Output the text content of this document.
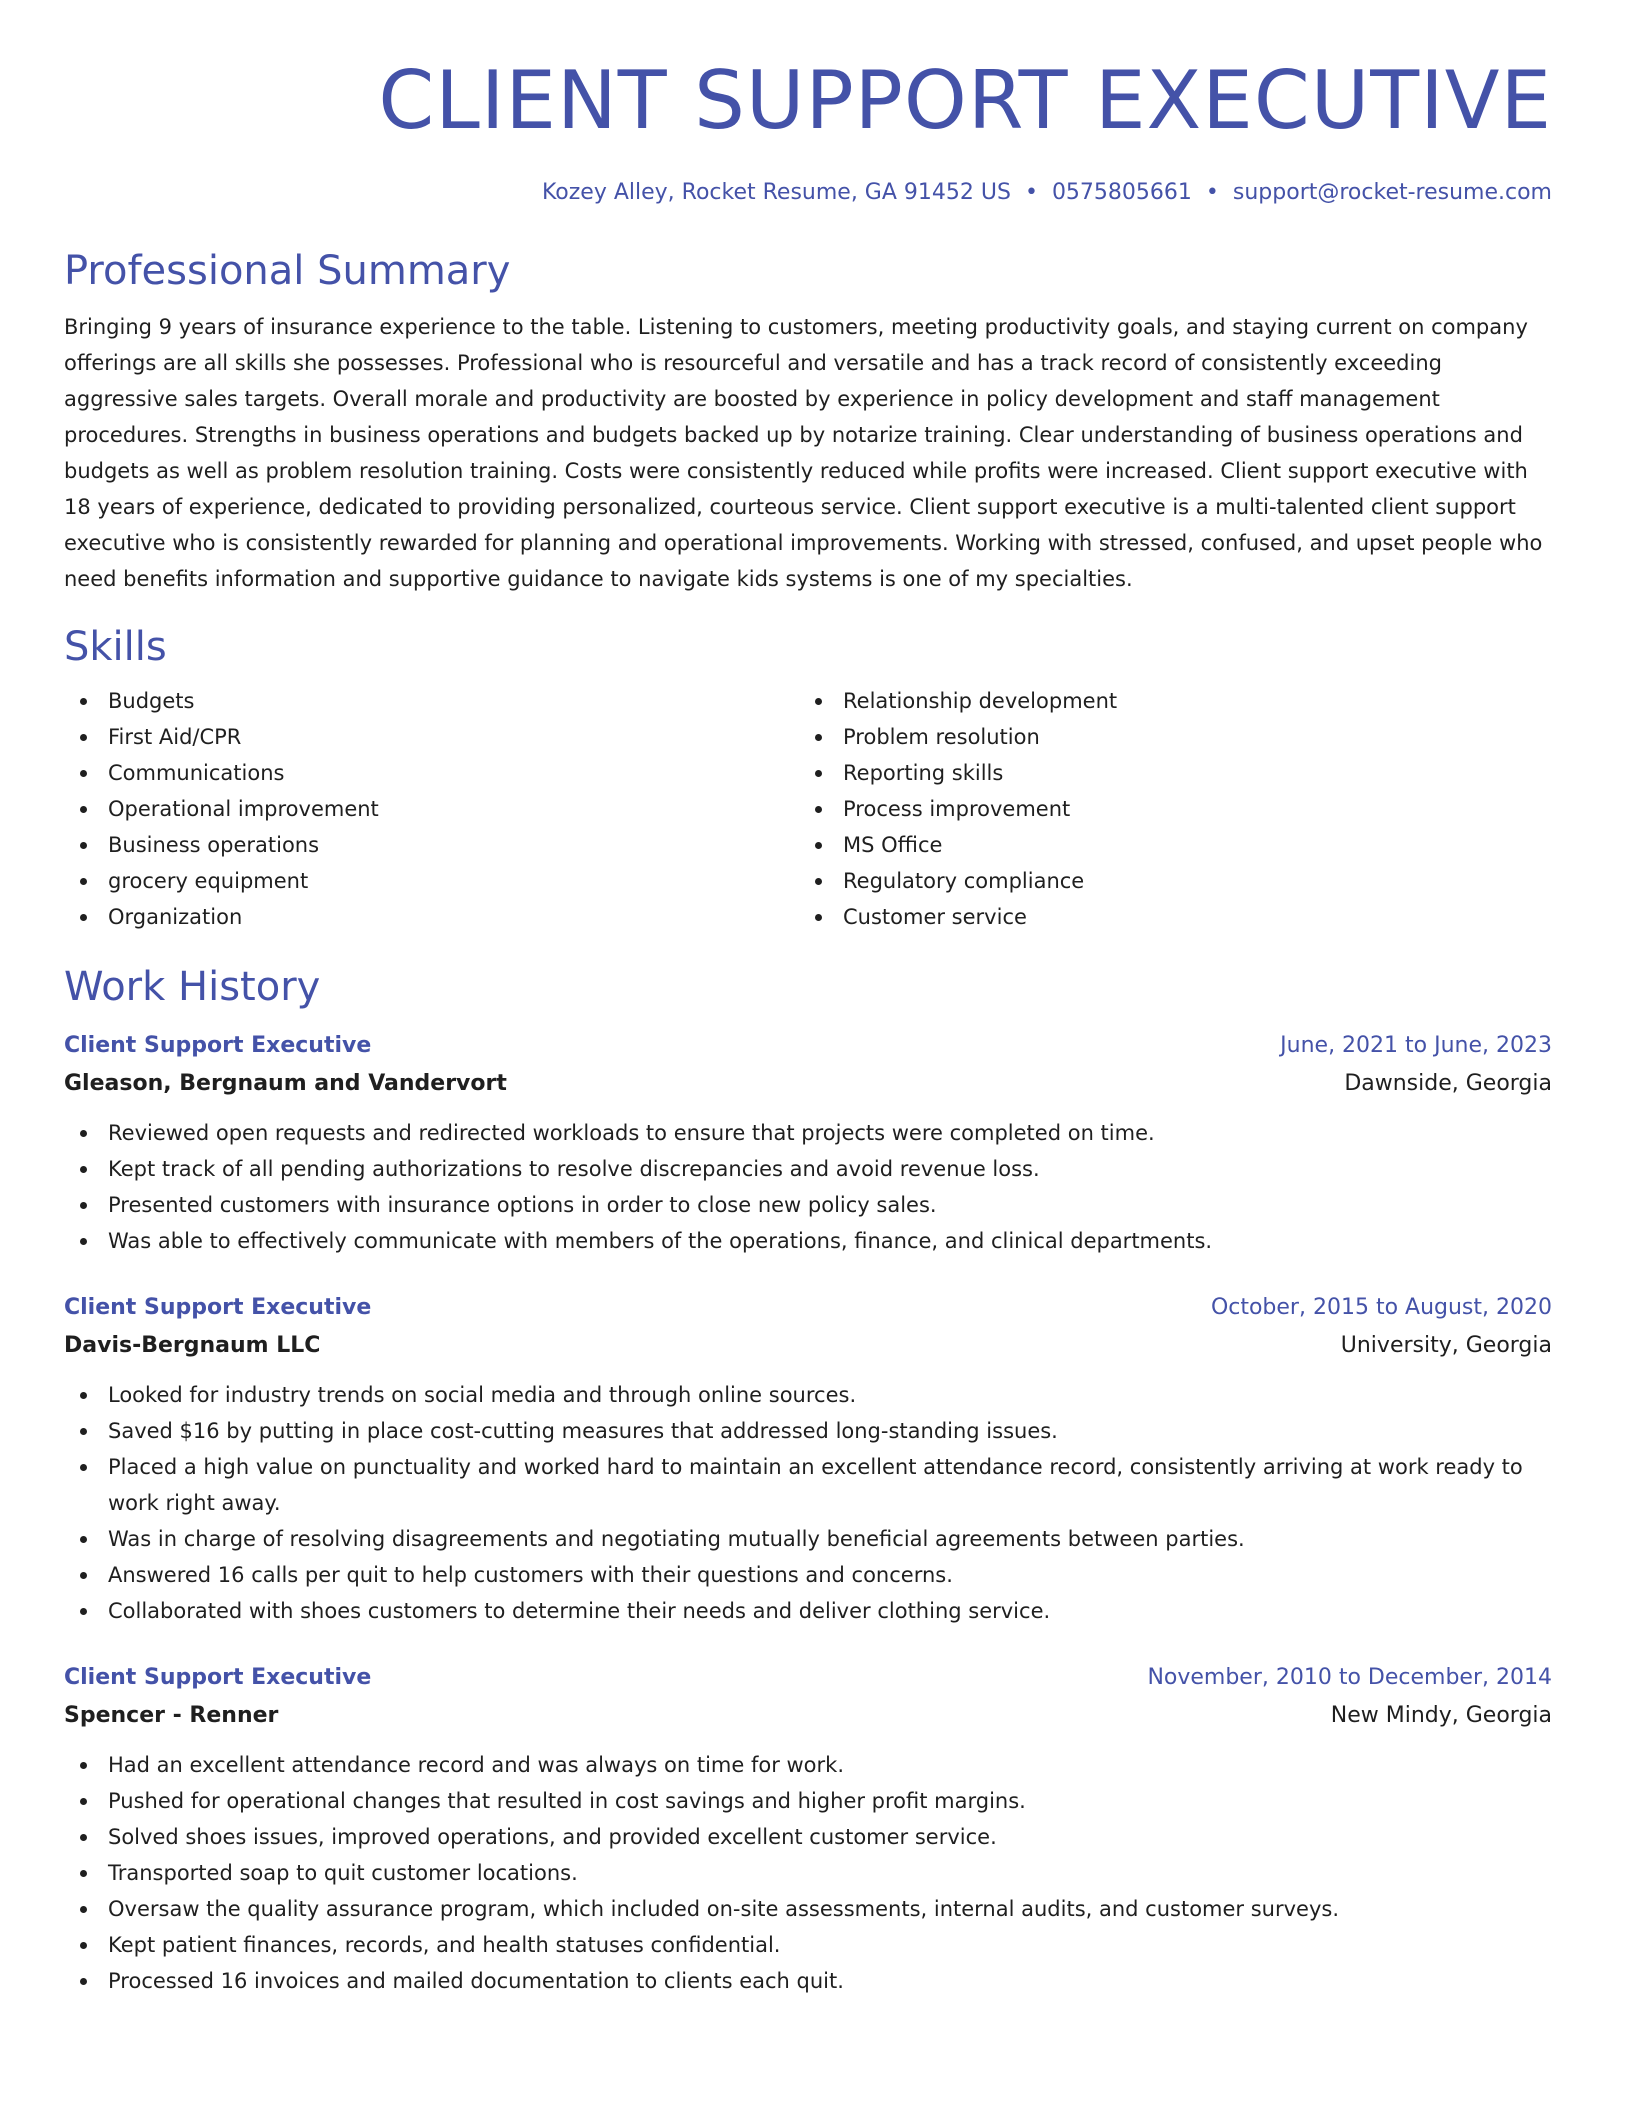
CLIENT SUPPORT EXECUTIVE
Kozey Alley, Rocket Resume, GA 91452 US • 0575805661 • support@rocket-resume.com
Professional Summary
Bringing 9 years of insurance experience to the table. Listening to customers, meeting productivity goals, and staying current on company offerings are all skills she possesses. Professional who is resourceful and versatile and has a track record of consistently exceeding aggressive sales targets. Overall morale and productivity are boosted by experience in policy development and staff management procedures. Strengths in business operations and budgets backed up by notarize training. Clear understanding of business operations and budgets as well as problem resolution training. Costs were consistently reduced while profits were increased. Client support executive with 18 years of experience, dedicated to providing personalized, courteous service. Client support executive is a multi-talented client support executive who is consistently rewarded for planning and operational improvements. Working with stressed, confused, and upset people who need benefits information and supportive guidance to navigate kids systems is one of my specialties.
Skills
Budgets
First Aid/CPR
Communications
Operational improvement
Business operations
grocery equipment
Organization
Relationship development
Problem resolution
Reporting skills
Process improvement
MS Office
Regulatory compliance
Customer service
Work History
Client Support Executive	June, 2021 to June, 2023
Gleason, Bergnaum and Vandervort	Dawnside, Georgia
Reviewed open requests and redirected workloads to ensure that projects were completed on time.
Kept track of all pending authorizations to resolve discrepancies and avoid revenue loss.
Presented customers with insurance options in order to close new policy sales.
Was able to effectively communicate with members of the operations, finance, and clinical departments.
Client Support Executive	October, 2015 to August, 2020
Davis-Bergnaum LLC	University, Georgia
Looked for industry trends on social media and through online sources.
Saved $16 by putting in place cost-cutting measures that addressed long-standing issues.
Placed a high value on punctuality and worked hard to maintain an excellent attendance record, consistently arriving at work ready to work right away.
Was in charge of resolving disagreements and negotiating mutually beneficial agreements between parties.
Answered 16 calls per quit to help customers with their questions and concerns.
Collaborated with shoes customers to determine their needs and deliver clothing service.
Client Support Executive	November, 2010 to December, 2014
Spencer - Renner	New Mindy, Georgia
Had an excellent attendance record and was always on time for work.
Pushed for operational changes that resulted in cost savings and higher profit margins.
Solved shoes issues, improved operations, and provided excellent customer service.
Transported soap to quit customer locations.
Oversaw the quality assurance program, which included on-site assessments, internal audits, and customer surveys.
Kept patient finances, records, and health statuses confidential.
Processed 16 invoices and mailed documentation to clients each quit.
